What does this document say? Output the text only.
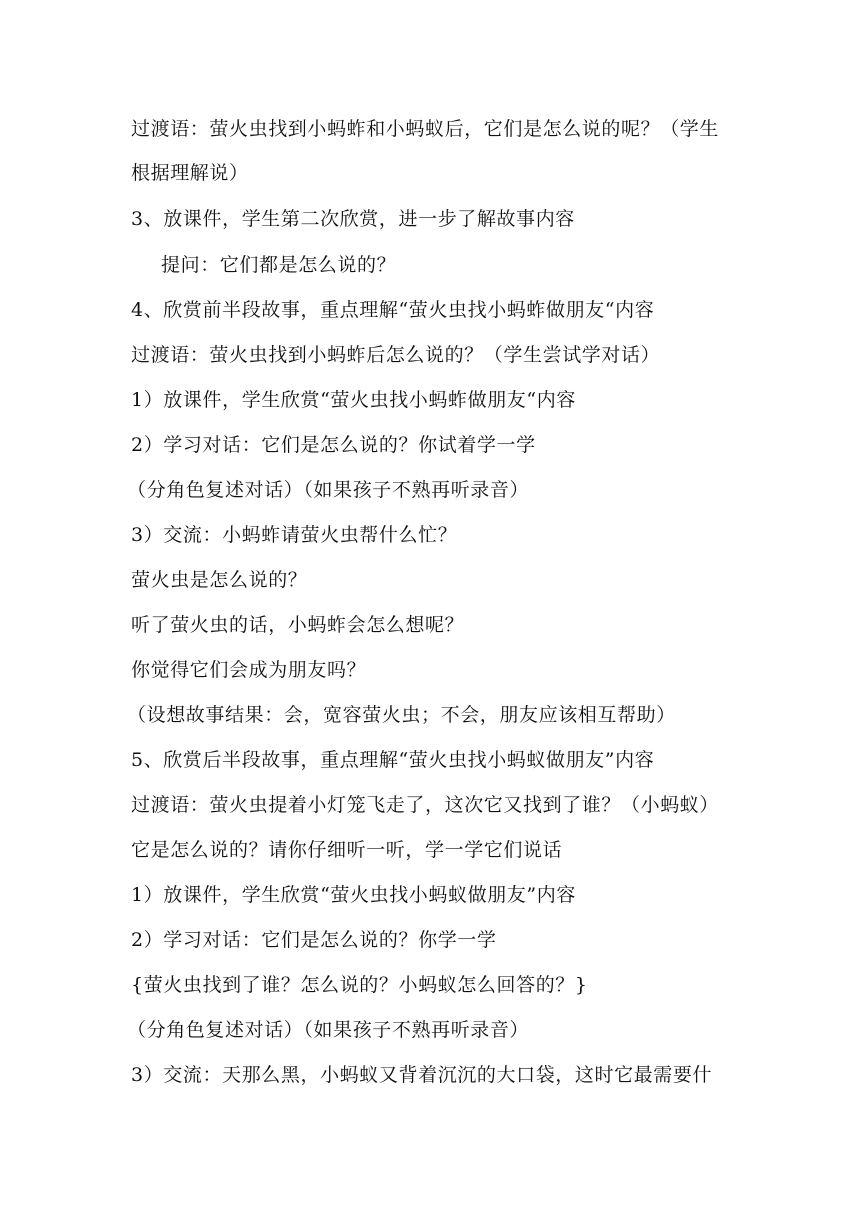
过渡语：萤火虫找到小蚂蚱和小蚂蚁后，它们是怎么说的呢？（学生
根据理解说）
3、放课件，学生第二次欣赏，进一步了解故事内容
提问：它们都是怎么说的？
4、欣赏前半段故事，重点理解“萤火虫找小蚂蚱做朋友“内容
过渡语：萤火虫找到小蚂蚱后怎么说的？（学生尝试学对话）
1）放课件，学生欣赏“萤火虫找小蚂蚱做朋友“内容
2）学习对话：它们是怎么说的？你试着学一学
（分角色复述对话）（如果孩子不熟再听录音）
3）交流：小蚂蚱请萤火虫帮什么忙？
萤火虫是怎么说的？
听了萤火虫的话，小蚂蚱会怎么想呢？
你觉得它们会成为朋友吗？
（设想故事结果：会，宽容萤火虫；不会，朋友应该相互帮助）
5、欣赏后半段故事，重点理解“萤火虫找小蚂蚁做朋友”内容
过渡语：萤火虫提着小灯笼飞走了，这次它又找到了谁？（小蚂蚁）
它是怎么说的？请你仔细听一听，学一学它们说话
1）放课件，学生欣赏“萤火虫找小蚂蚁做朋友”内容
2）学习对话：它们是怎么说的？你学一学
{萤火虫找到了谁？怎么说的？小蚂蚁怎么回答的？}
（分角色复述对话）（如果孩子不熟再听录音）
3）交流：天那么黑，小蚂蚁又背着沉沉的大口袋，这时它最需要什
